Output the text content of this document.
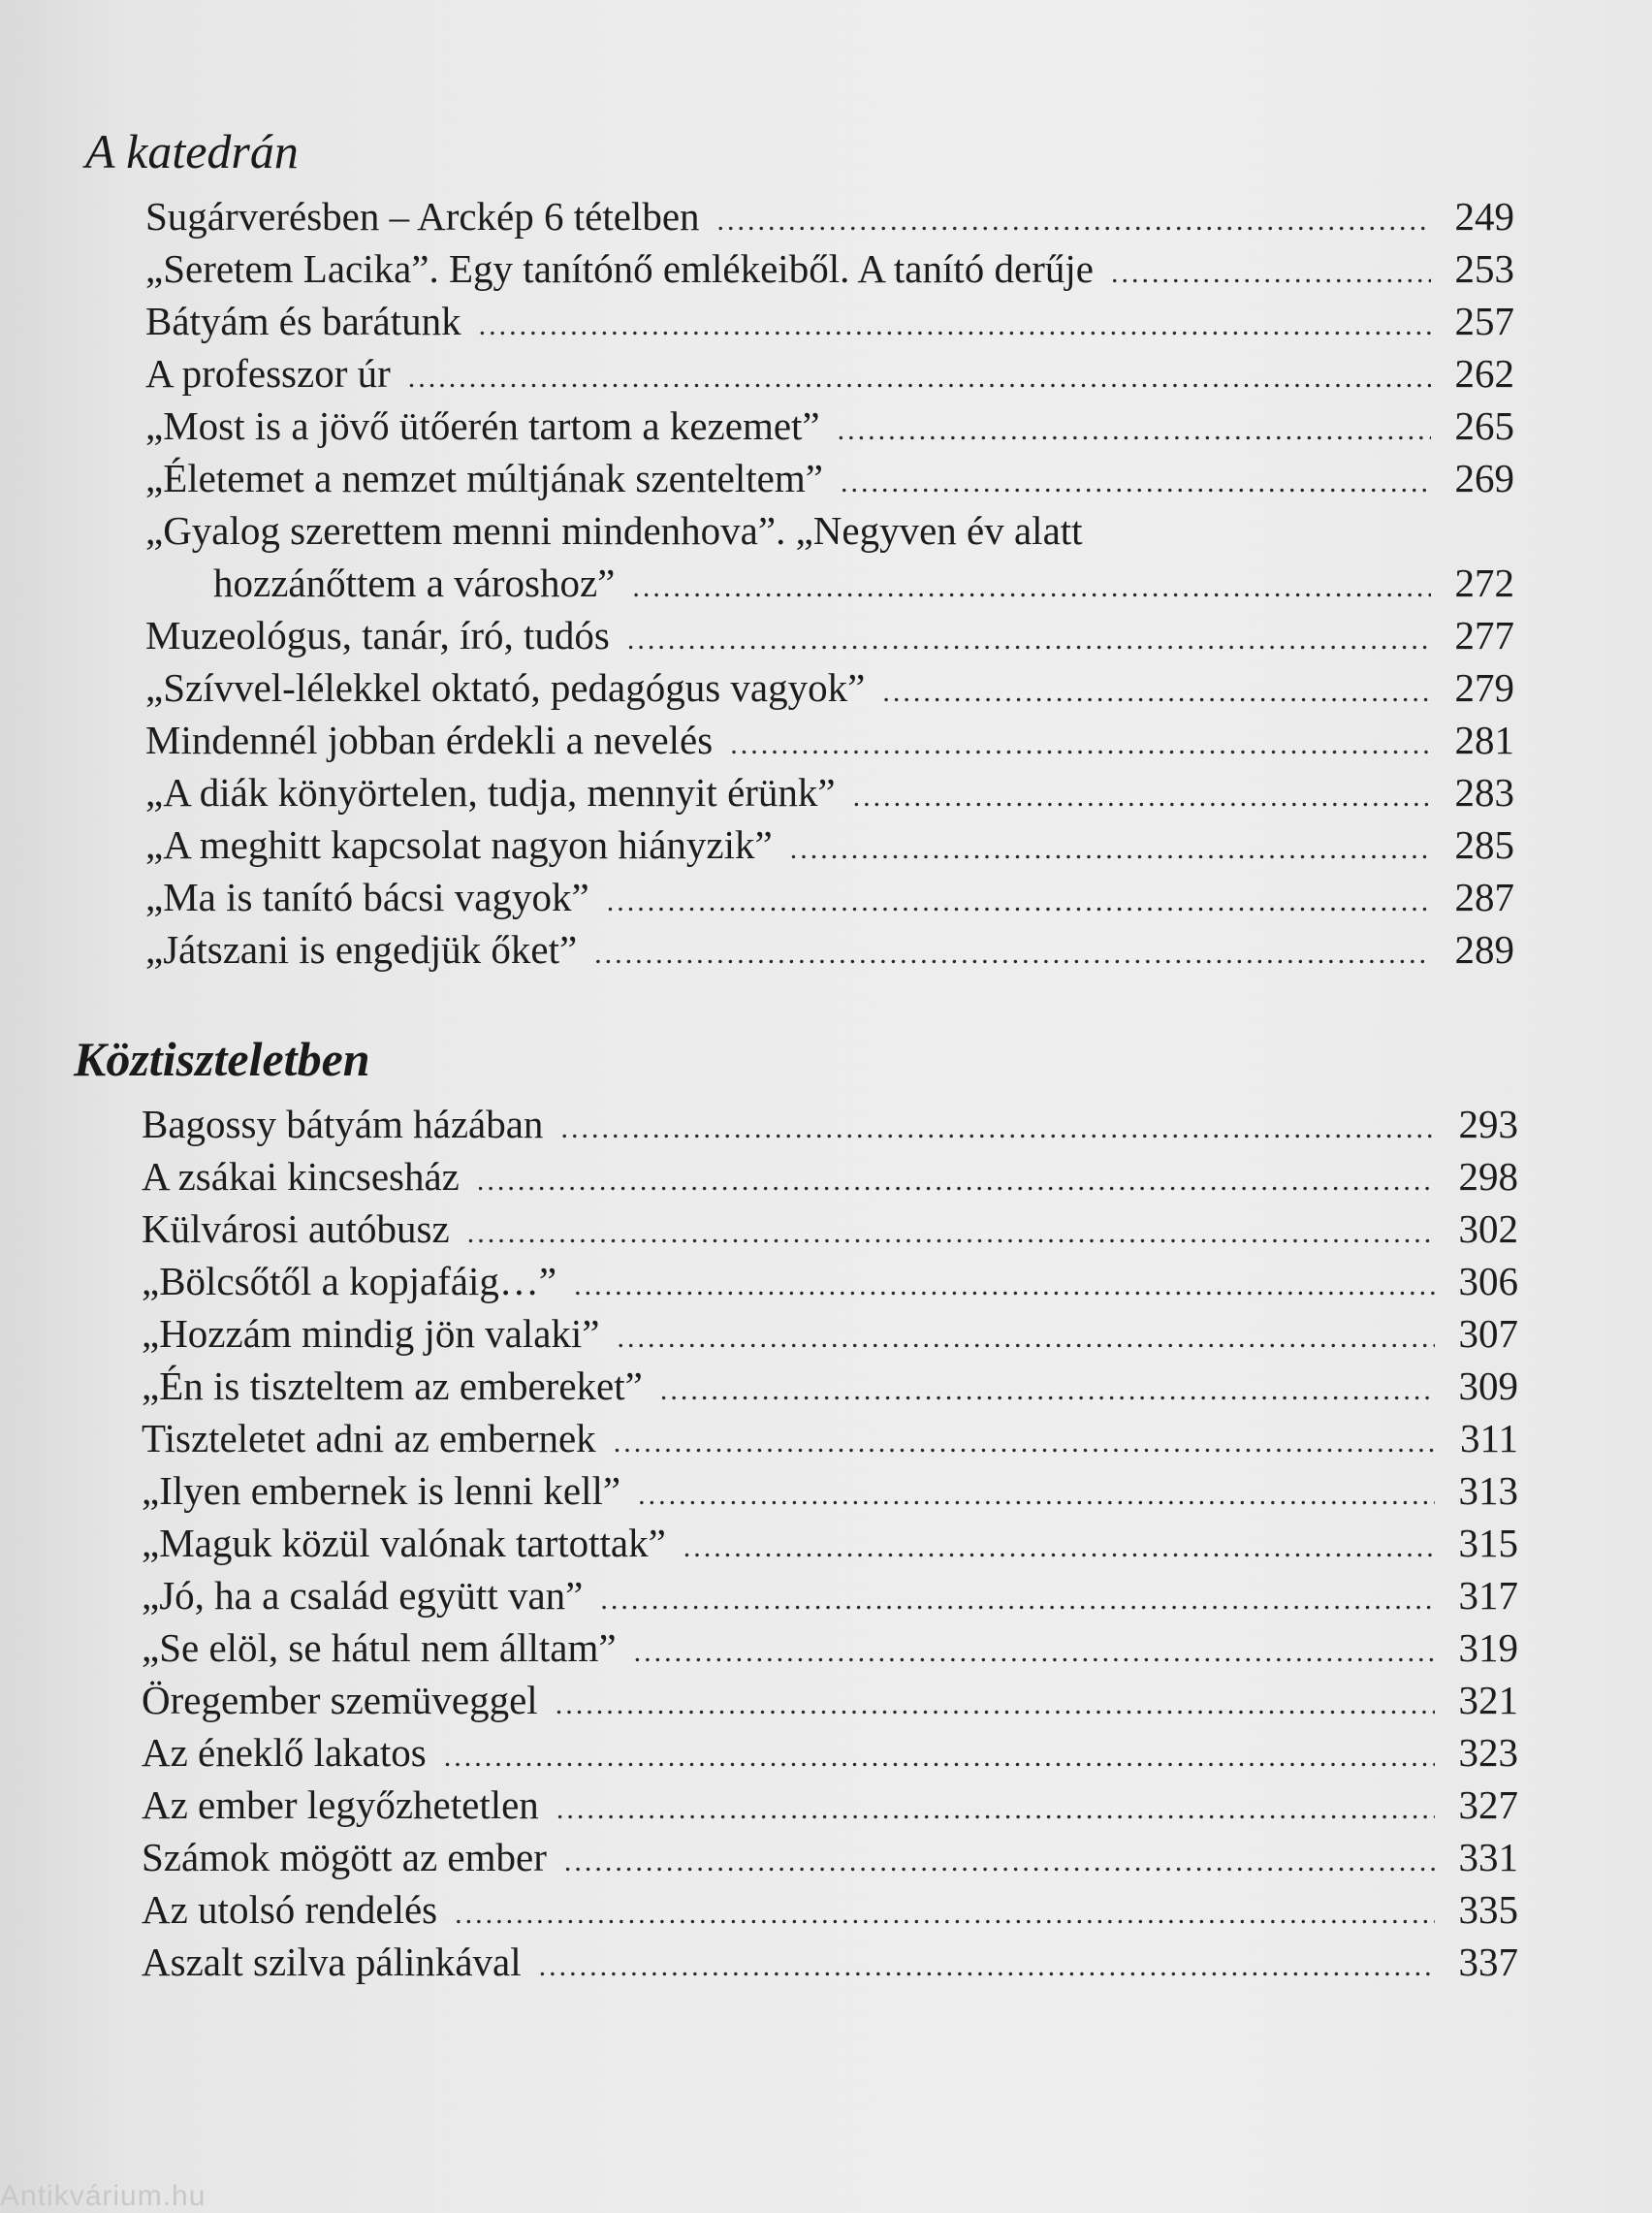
A katedrán
Sugárverésben – Arckép 6 tételben .....	249
„Seretem Lacika”. Egy tanítónő emlékeiből. A tanító derűje .....	253
Bátyám és barátunk .....	257
A professzor úr .....	262
„Most is a jövő ütőerén tartom a kezemet” .....	265
„Életemet a nemzet múltjának szenteltem” .....	269
„Gyalog szerettem menni mindenhova”. „Negyven év alatt
hozzánőttem a városhoz” .....	272
Muzeológus, tanár, író, tudós .....	277
„Szívvel-lélekkel oktató, pedagógus vagyok” .....	279
Mindennél jobban érdekli a nevelés .....	281
„A diák könyörtelen, tudja, mennyit érünk” .....	283
„A meghitt kapcsolat nagyon hiányzik” .....	285
„Ma is tanító bácsi vagyok” .....	287
„Játszani is engedjük őket” .....	289
Köztiszteletben
Bagossy bátyám házában .....	293
A zsákai kincsesház .....	298
Külvárosi autóbusz .....	302
„Bölcsőtől a kopjafáig…” .....	306
„Hozzám mindig jön valaki” .....	307
„Én is tiszteltem az embereket” .....	309
Tiszteletet adni az embernek .....	311
„Ilyen embernek is lenni kell” .....	313
„Maguk közül valónak tartottak” .....	315
„Jó, ha a család együtt van” .....	317
„Se elöl, se hátul nem álltam” .....	319
Öregember szemüveggel .....	321
Az éneklő lakatos .....	323
Az ember legyőzhetetlen .....	327
Számok mögött az ember .....	331
Az utolsó rendelés .....	335
Aszalt szilva pálinkával .....	337
Antikvárium.hu
